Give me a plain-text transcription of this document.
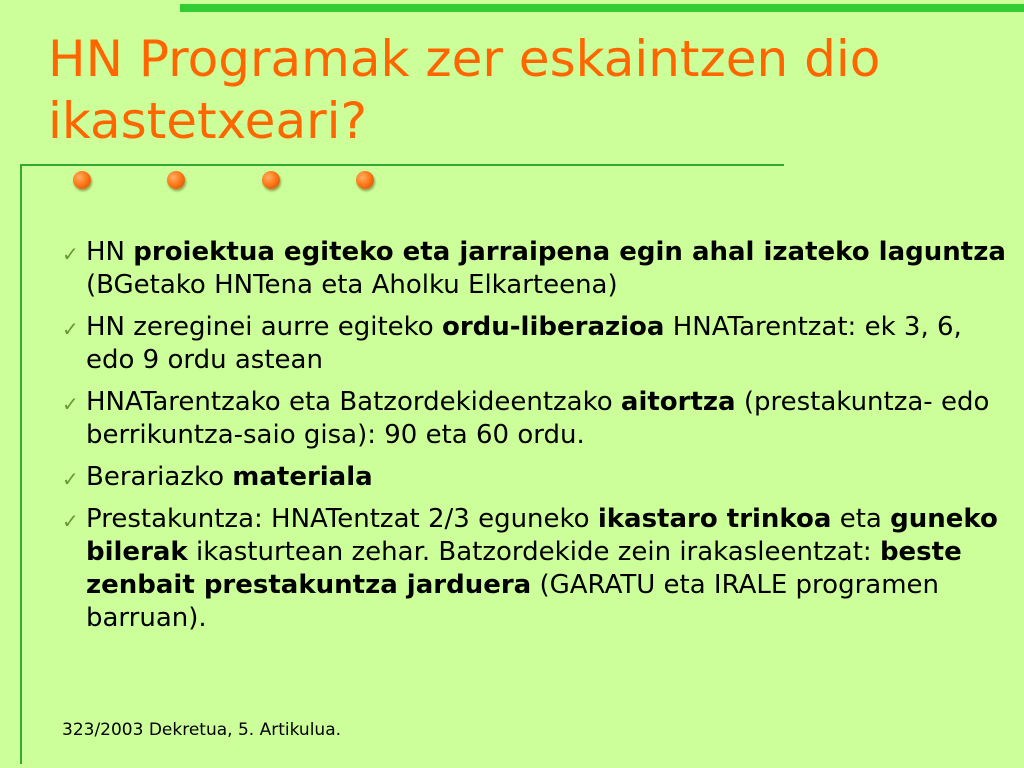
HN Programak zer eskaintzen dio ikastetxeari?
✓ HN proiektua egiteko eta jarraipena egin ahal izateko laguntza (BGetako HNTena eta Aholku Elkarteena)
✓ HN zereginei aurre egiteko ordu-liberazioa HNATarentzat: ek 3, 6, edo 9 ordu astean
✓ HNATarentzako eta Batzordekideentzako aitortza (prestakuntza- edo berrikuntza-saio gisa): 90 eta 60 ordu.
✓ Berariazko materiala
✓ Prestakuntza: HNATentzat 2/3 eguneko ikastaro trinkoa eta guneko bilerak ikasturtean zehar. Batzordekide zein irakasleentzat: beste zenbait prestakuntza jarduera (GARATU eta IRALE programen barruan).
323/2003 Dekretua, 5. Artikulua.
